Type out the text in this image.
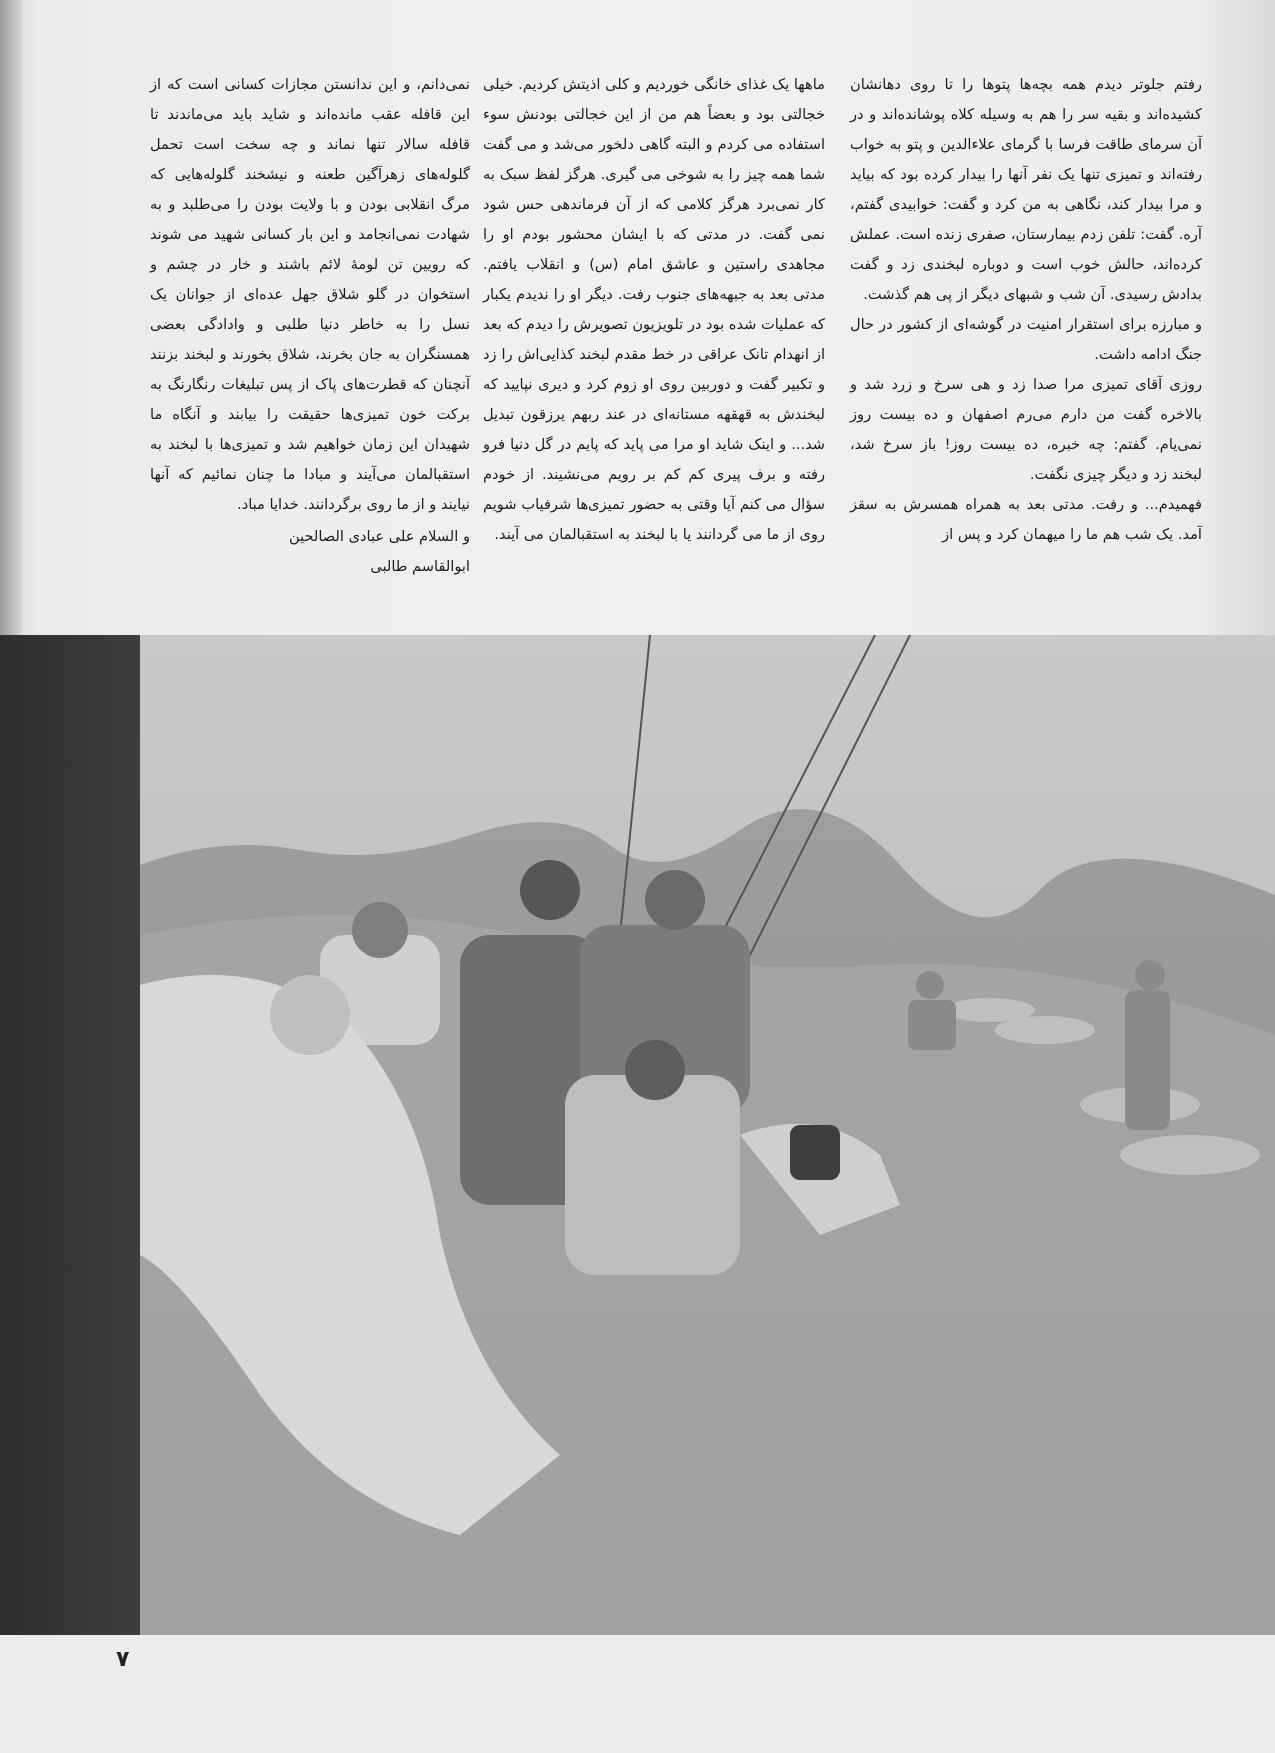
رفتم جلوتر دیدم همه بچه‌ها پتوها را تا روی دهانشان کشیده‌اند و بقیه سر را هم به وسیله کلاه پوشانده‌اند و در آن سرمای طاقت فرسا با گرمای علاءالدین و پتو به خواب رفته‌اند و تمیزی تنها یک نفر آنها را بیدار کرده بود که بیاید و مرا بیدار کند، نگاهی به من کرد و گفت: خوابیدی گفتم، آره. گفت: تلفن زدم بیمارستان، صفری زنده است. عملش کرده‌اند، حالش خوب است و دوباره لبخندی زد و گفت بدادش رسیدی. آن شب و شبهای دیگر از پی هم گذشت.

و مبارزه برای استقرار امنیت در گوشه‌ای از کشور در حال جنگ ادامه داشت.

روزی آقای تمیزی مرا صدا زد و هی سرخ و زرد شد و بالاخره گفت من دارم می‌رم اصفهان و ده بیست روز نمی‌یام. گفتم: چه خبره، ده بیست روز! باز سرخ شد، لبخند زد و دیگر چیزی نگفت.

فهمیدم... و رفت. مدتی بعد به همراه همسرش به سقز آمد. یک شب هم ما را میهمان کرد و پس از

ماهها یک غذای خانگی خوردیم و کلی اذیتش کردیم. خیلی خجالتی بود و بعضاً هم من از این خجالتی بودنش سوء استفاده می کردم و البته گاهی دلخور می‌شد و می گفت شما همه چیز را به شوخی می گیری. هرگز لفظ سبک به کار نمی‌برد هرگز کلامی که از آن فرماندهی حس شود نمی گفت. در مدتی که با ایشان محشور بودم او را مجاهدی راستین و عاشق امام (س) و انقلاب یافتم. مدتی بعد به جبهه‌های جنوب رفت. دیگر او را ندیدم یکبار که عملیات شده بود در تلویزیون تصویرش را دیدم که بعد از انهدام تانک عراقی در خط مقدم لبخند کذایی‌اش را زد و تکبیر گفت و دوربین روی او زوم کرد و دیری نپایید که لبخندش به قهقهه مستانه‌ای در عند ربهم یرزقون تبدیل شد... و اینک شاید او مرا می پاید که پایم در گل دنیا فرو رفته و برف پیری کم کم بر رویم می‌نشیند. از خودم سؤال می کنم آیا وقتی به حضور تمیزی‌ها شرفیاب شویم روی از ما می گردانند یا با لبخند به استقبالمان می آیند.

نمی‌دانم، و این ندانستن مجازات کسانی است که از این قافله عقب مانده‌اند و شاید باید می‌ماندند تا قافله سالار تنها نماند و چه سخت است تحمل گلوله‌های زهرآگین طعنه و نیشخند گلوله‌هایی که مرگ انقلابی بودن و با ولایت بودن را می‌طلبد و به شهادت نمی‌انجامد و این بار کسانی شهید می شوند که رویین تن لومهٔ لائم باشند و خار در چشم و استخوان در گلو شلاق جهل عده‌ای از جوانان یک نسل را به خاطر دنیا طلبی و وادادگی بعضی همسنگران به جان بخرند، شلاق بخورند و لبخند بزنند آنچنان که قطرت‌های پاک از پس تبلیغات رنگارنگ به برکت خون تمیزی‌ها حقیقت را بیابند و آنگاه ما شهیدان این زمان خواهیم شد و تمیزی‌ها با لبخند به استقبالمان می‌آیند و مبادا ما چنان نمائیم که آنها نیایند و از ما روی برگردانند. خدایا مباد.

و السلام علی عبادی الصالحین
ابوالقاسم طالبی
۷
